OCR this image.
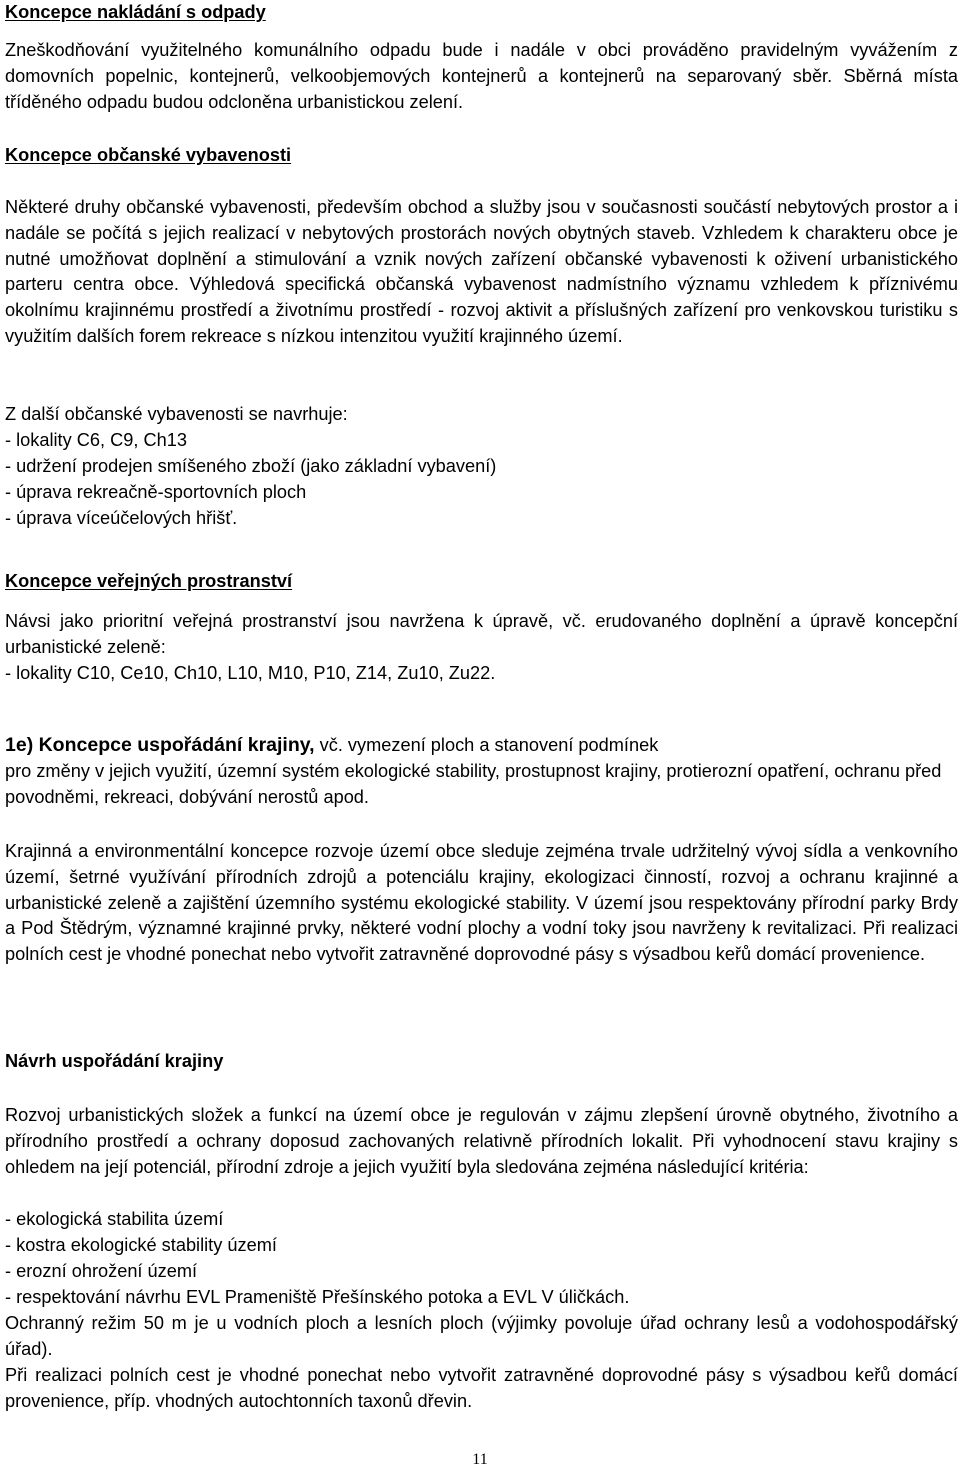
Koncepce nakládání s odpady

Zneškodňování využitelného komunálního odpadu bude i nadále v obci prováděno pravidelným vyvážením z domovních popelnic, kontejnerů, velkoobjemových kontejnerů a kontejnerů na separovaný sběr. Sběrná místa tříděného odpadu budou odcloněna urbanistickou zelení.

Koncepce občanské vybavenosti

Některé druhy občanské vybavenosti, především obchod a služby jsou v současnosti součástí nebytových prostor a i nadále se počítá s jejich realizací v nebytových prostorách nových obytných staveb. Vzhledem k charakteru obce je nutné umožňovat doplnění a stimulování a vznik nových zařízení občanské vybavenosti k oživení urbanistického parteru centra obce. Výhledová specifická občanská vybavenost nadmístního významu vzhledem k příznivému okolnímu krajinnému prostředí a životnímu prostředí - rozvoj aktivit a příslušných zařízení pro venkovskou turistiku s využitím dalších forem rekreace s nízkou intenzitou využití krajinného území.

Z další občanské vybavenosti se navrhuje:

- lokality C6, C9, Ch13

- udržení prodejen smíšeného zboží (jako základní vybavení)

- úprava rekreačně-sportovních ploch

- úprava víceúčelových hřišť.

Koncepce veřejných prostranství

Návsi jako prioritní veřejná prostranství jsou navržena k úpravě, vč. erudovaného doplnění a úpravě koncepční urbanistické zeleně:

- lokality C10, Ce10, Ch10, L10, M10, P10, Z14, Zu10, Zu22.

1e) Koncepce uspořádání krajiny, vč. vymezení ploch a stanovení podmínek

pro změny v jejich využití, územní systém ekologické stability, prostupnost krajiny, protierozní opatření, ochranu před povodněmi, rekreaci, dobývání nerostů apod.

Krajinná a environmentální koncepce rozvoje území obce sleduje zejména trvale udržitelný vývoj sídla a venkovního území, šetrné využívání přírodních zdrojů a potenciálu krajiny, ekologizaci činností, rozvoj a ochranu krajinné a urbanistické zeleně a zajištění územního systému ekologické stability. V území jsou respektovány přírodní parky Brdy a Pod Štědrým, významné krajinné prvky, některé vodní plochy a vodní toky jsou navrženy k revitalizaci. Při realizaci polních cest je vhodné ponechat nebo vytvořit zatravněné doprovodné pásy s výsadbou keřů domácí provenience.

Návrh uspořádání krajiny

Rozvoj urbanistických složek a funkcí na území obce je regulován v zájmu zlepšení úrovně obytného, životního a přírodního prostředí a ochrany doposud zachovaných relativně přírodních lokalit. Při vyhodnocení stavu krajiny s ohledem na její potenciál, přírodní zdroje a jejich využití byla sledována zejména následující kritéria:

- ekologická stabilita území

- kostra ekologické stability území

- erozní ohrožení území

- respektování návrhu EVL Prameniště Přešínského potoka a EVL V úličkách.

Ochranný režim 50 m je u vodních ploch a lesních ploch (výjimky povoluje úřad ochrany lesů a vodohospodářský úřad).

Při realizaci polních cest je vhodné ponechat nebo vytvořit zatravněné doprovodné pásy s výsadbou keřů domácí provenience, příp. vhodných autochtonních taxonů dřevin.

11
